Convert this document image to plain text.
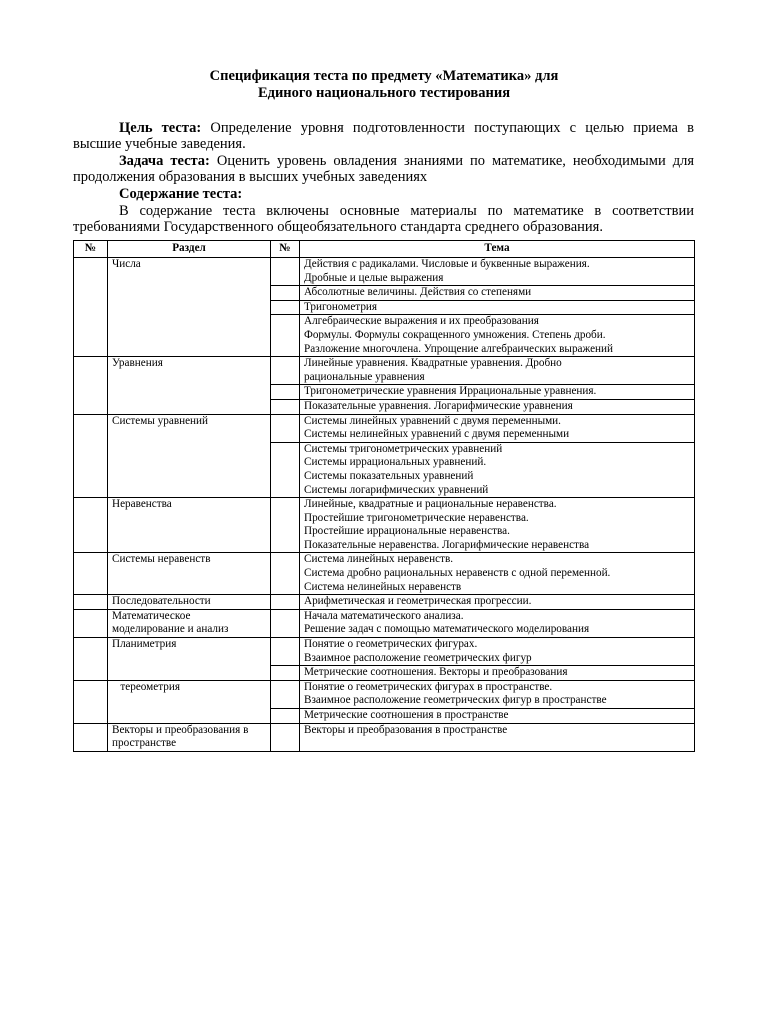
Спецификация теста по предмету «Математика» для
Единого национального тестирования
Цель теста: Определение уровня подготовленности поступающих с целью приема в высшие учебные заведения.
Задача теста: Оценить уровень овладения знаниями по математике, необходимыми для продолжения образования в высших учебных заведениях
Содержание теста:
В содержание теста включены основные материалы по математике в соответствии требованиями Государственного общеобязательного стандарта среднего образования.
№	Раздел	№	Тема
	Числа		Действия с радикалами. Числовые и буквенные выражения.
Дробные и целые выражения

			Абсолютные величины. Действия со степенями

			Тригонометрия

			Алгебраические выражения и их преобразования
Формулы. Формулы сокращенного умножения. Степень дроби.
Разложение многочлена. Упрощение алгебраических выражений

	Уравнения		Линейные уравнения. Квадратные уравнения. Дробно
рациональные уравнения

			Тригонометрические уравнения Иррациональные уравнения.

			Показательные уравнения. Логарифмические уравнения

	Системы уравнений		Системы линейных уравнений с двумя переменными.
Системы нелинейных уравнений с двумя переменными

			Системы тригонометрических уравнений
Системы иррациональных уравнений.
Системы показательных уравнений
Системы логарифмических уравнений

	Неравенства		Линейные, квадратные и рациональные неравенства.
Простейшие тригонометрические неравенства.
Простейшие иррациональные неравенства.
Показательные неравенства. Логарифмические неравенства

	Системы неравенств		Система линейных неравенств.
Система дробно рациональных неравенств с одной переменной.
Система нелинейных неравенств

	Последовательности		Арифметическая и геометрическая прогрессии.

	Математическое моделирование и анализ		Начала математического анализа.
Решение задач с помощью математического моделирования

	Планиметрия		Понятие о геометрических фигурах.
Взаимное расположение геометрических фигур

			Метрические соотношения. Векторы и преобразования

	тереометрия		Понятие о геометрических фигурах в пространстве.
Взаимное расположение геометрических фигур в пространстве

			Метрические соотношения в пространстве

	Векторы и преобразования в пространстве		Векторы и преобразования в пространстве
